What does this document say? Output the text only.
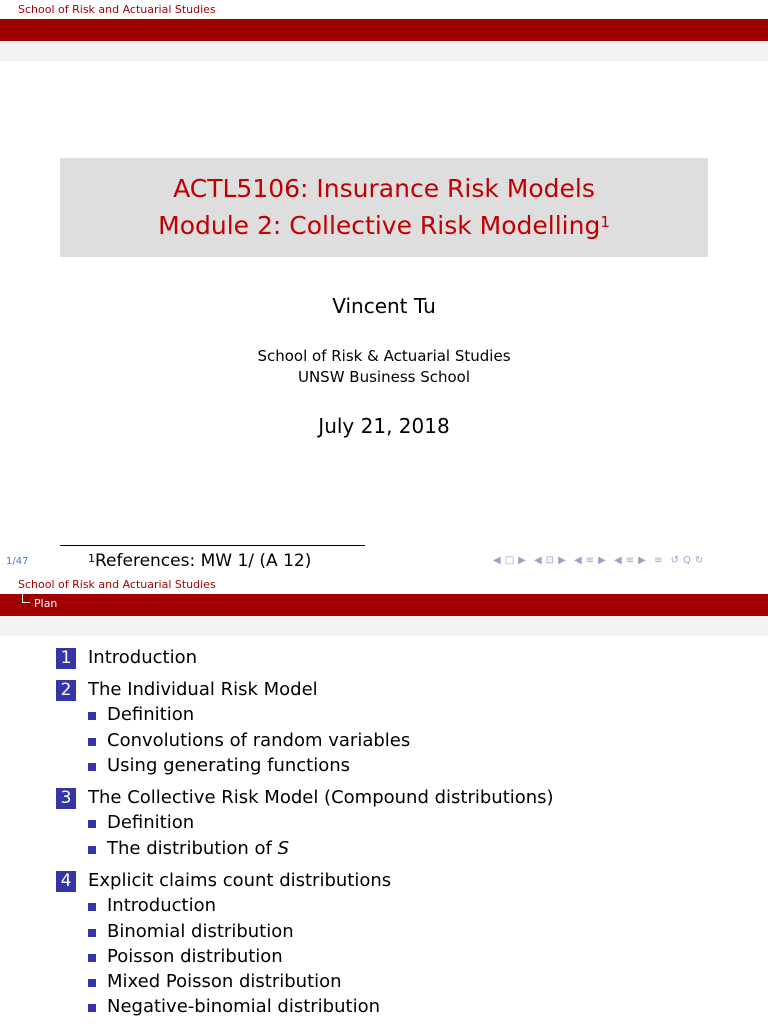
School of Risk and Actuarial Studies
ACTL5106: Insurance Risk Models
Module 2: Collective Risk Modelling$^1$
Vincent Tu
School of Risk & Actuarial Studies
UNSW Business School
July 21, 2018
$^1$References: MW 1/ (A 12)
1/47	◀ □ ▶ ◀ ⊡ ▶ ◀ ≡ ▶ ◀ ≡ ▶ ≡ ↺ Q ↻
School of Risk and Actuarial Studies
Plan
1 Introduction
2 The Individual Risk Model
Definition
Convolutions of random variables
Using generating functions
3 The Collective Risk Model (Compound distributions)
Definition
The distribution of S
4 Explicit claims count distributions
Introduction
Binomial distribution
Poisson distribution
Mixed Poisson distribution
Negative-binomial distribution
